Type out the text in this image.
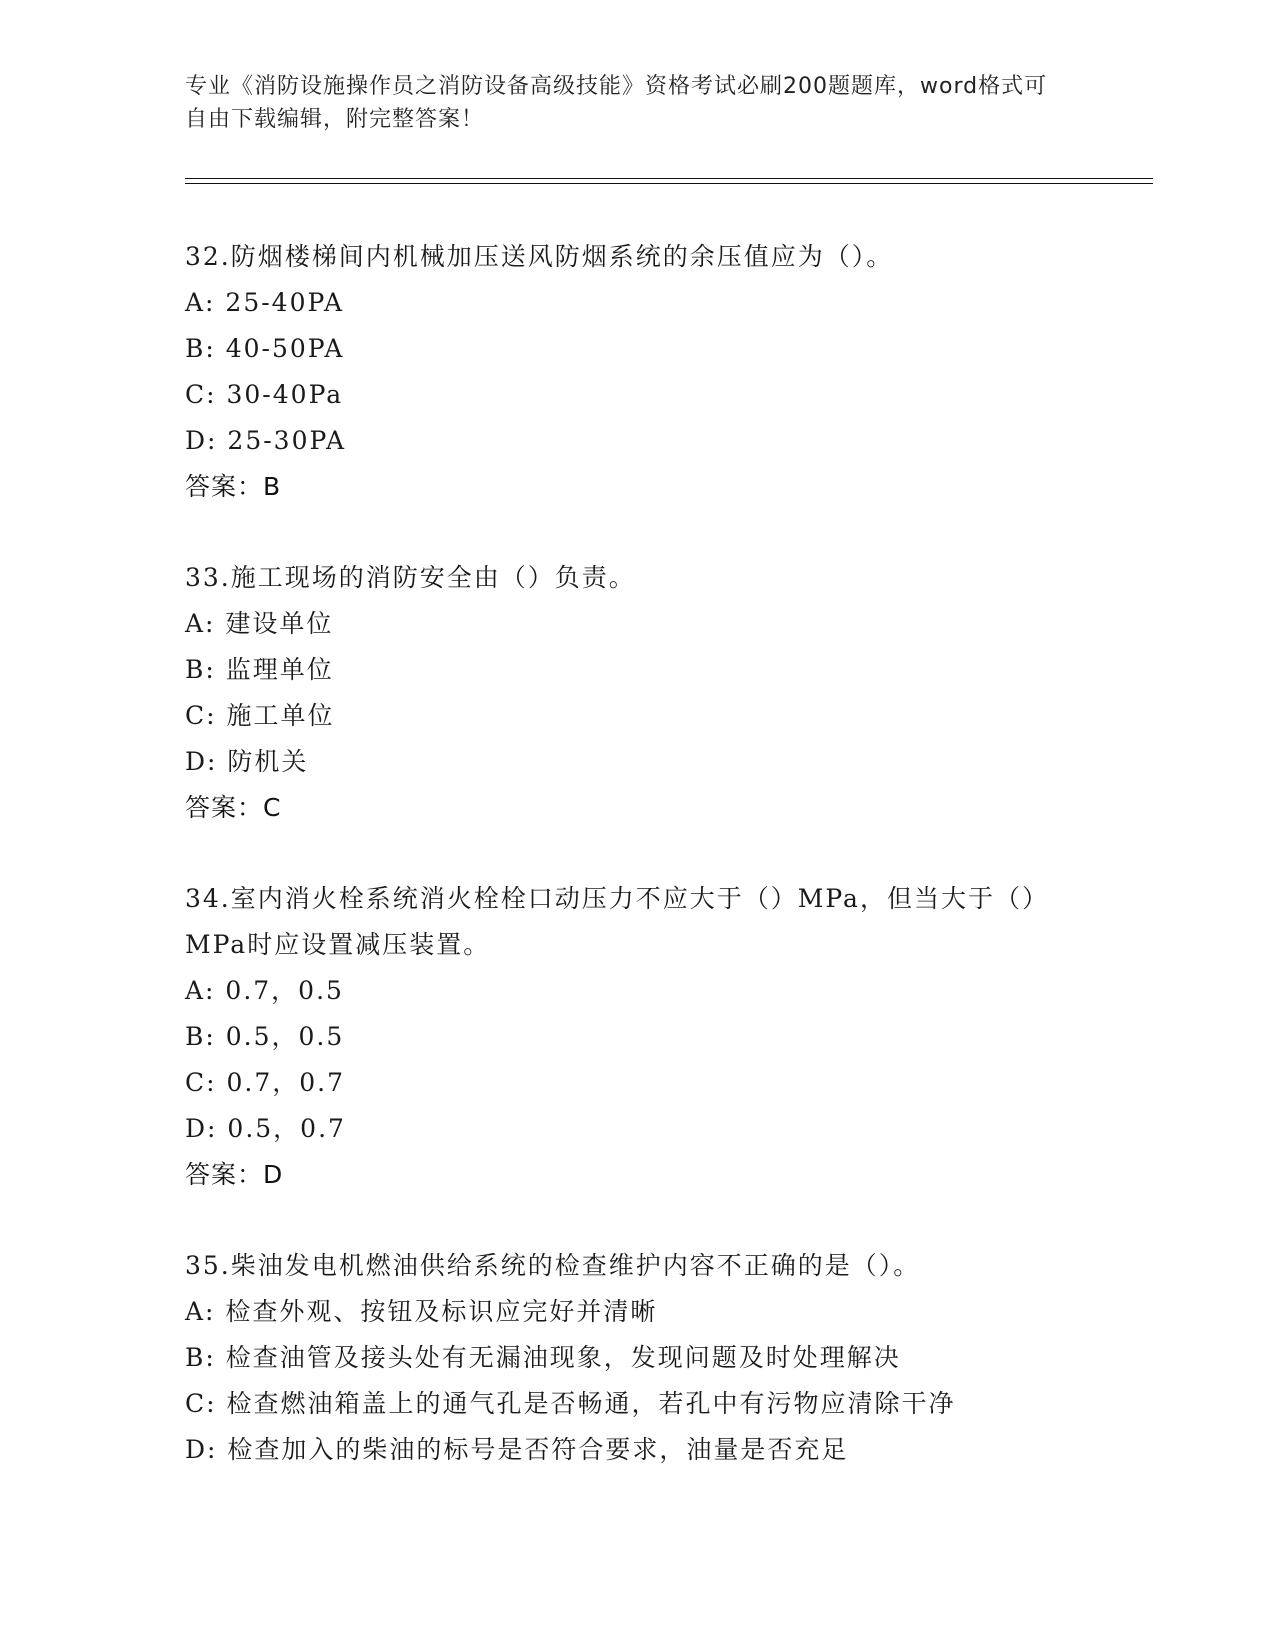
专业《消防设施操作员之消防设备高级技能》资格考试必刷200题题库，word格式可自由下载编辑，附完整答案！

32.防烟楼梯间内机械加压送风防烟系统的余压值应为（）。

A: 25-40PA

B: 40-50PA

C: 30-40Pa

D: 25-30PA

答案：B

33.施工现场的消防安全由（）负责。

A: 建设单位

B: 监理单位

C: 施工单位

D: 防机关

答案：C

34.室内消火栓系统消火栓栓口动压力不应大于（）MPa，但当大于（）MPa时应设置减压装置。

A: 0.7，0.5

B: 0.5，0.5

C: 0.7，0.7

D: 0.5，0.7

答案：D

35.柴油发电机燃油供给系统的检查维护内容不正确的是（）。

A: 检查外观、按钮及标识应完好并清晰

B: 检查油管及接头处有无漏油现象，发现问题及时处理解决

C: 检查燃油箱盖上的通气孔是否畅通，若孔中有污物应清除干净

D: 检查加入的柴油的标号是否符合要求，油量是否充足
